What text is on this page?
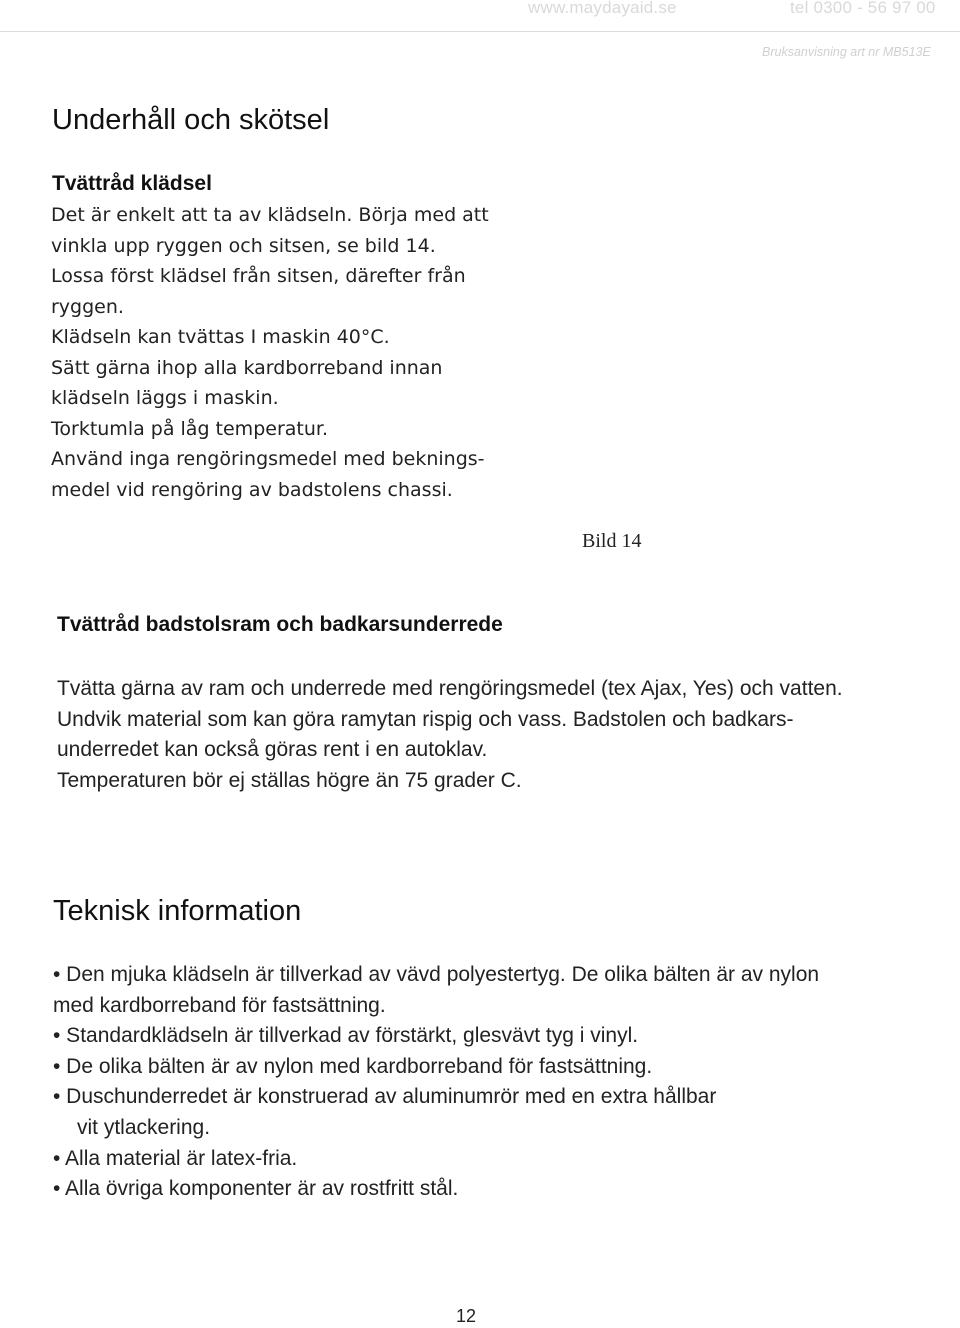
www.maydayaid.se	tel 0300 - 56 97 00
Bruksanvisning art nr MB513E
Underhåll och skötsel
Tvättråd klädsel
Det är enkelt att ta av klädseln. Börja med att
vinkla upp ryggen och sitsen, se bild 14.
Lossa först klädsel från sitsen, därefter från
ryggen.
Klädseln kan tvättas I maskin 40°C.
Sätt gärna ihop alla kardborreband innan
klädseln läggs i maskin.
Torktumla på låg temperatur.
Använd inga rengöringsmedel med beknings-
medel vid rengöring av badstolens chassi.
Bild 14
Tvättråd badstolsram och badkarsunderrede
Tvätta gärna av ram och underrede med rengöringsmedel (tex Ajax, Yes) och vatten.
Undvik material som kan göra ramytan rispig och vass. Badstolen och badkars-
underredet kan också göras rent i en autoklav.
Temperaturen bör ej ställas högre än 75 grader C.
Teknisk information
• Den mjuka klädseln är tillverkad av vävd polyestertyg. De olika bälten är av nylon
med kardborreband för fastsättning.
• Standardklädseln är tillverkad av förstärkt, glesvävt tyg i vinyl.
• De olika bälten är av nylon med kardborreband för fastsättning.
• Duschunderredet är konstruerad av aluminumrör med en extra hållbar
vit ytlackering.
• Alla material är latex-fria.
• Alla övriga komponenter är av rostfritt stål.
12
